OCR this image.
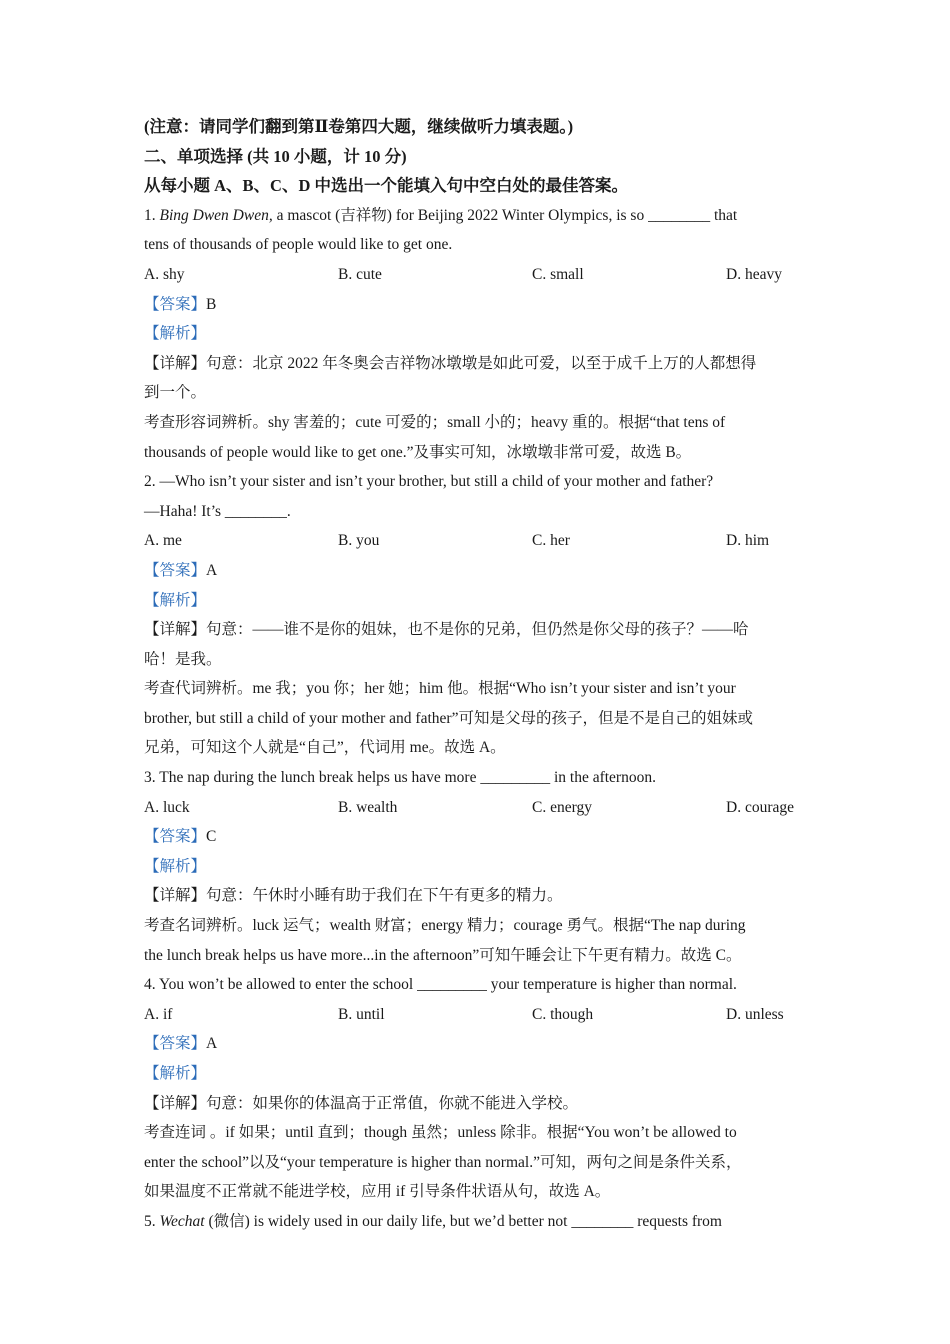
(注意：请同学们翻到第Ⅱ卷第四大题，继续做听力填表题。)
二、单项选择 (共 10 小题，计 10 分)
从每小题 A、B、C、D 中选出一个能填入句中空白处的最佳答案。
1. Bing Dwen Dwen, a mascot (吉祥物) for Beijing 2022 Winter Olympics, is so ________ that
tens of thousands of people would like to get one.
A. shy	B. cute	C. small	D. heavy
【答案】B
【解析】
【详解】句意：北京 2022 年冬奥会吉祥物冰墩墩是如此可爱，以至于成千上万的人都想得
到一个。
考查形容词辨析。shy 害羞的；cute 可爱的；small 小的；heavy 重的。根据“that tens of
thousands of people would like to get one.”及事实可知，冰墩墩非常可爱，故选 B。
2. —Who isn’t your sister and isn’t your brother, but still a child of your mother and father?
—Haha! It’s ________.
A. me	B. you	C. her	D. him
【答案】A
【解析】
【详解】句意：——谁不是你的姐妹，也不是你的兄弟，但仍然是你父母的孩子？——哈
哈！是我。
考查代词辨析。me 我；you 你；her 她；him 他。根据“Who isn’t your sister and isn’t your
brother, but still a child of your mother and father”可知是父母的孩子，但是不是自己的姐妹或
兄弟，可知这个人就是“自己”，代词用 me。故选 A。
3. The nap during the lunch break helps us have more _________ in the afternoon.
A. luck	B. wealth	C. energy	D. courage
【答案】C
【解析】
【详解】句意：午休时小睡有助于我们在下午有更多的精力。
考查名词辨析。luck 运气；wealth 财富；energy 精力；courage 勇气。根据“The nap during
the lunch break helps us have more...in the afternoon”可知午睡会让下午更有精力。故选 C。
4. You won’t be allowed to enter the school _________ your temperature is higher than normal.
A. if	B. until	C. though	D. unless
【答案】A
【解析】
【详解】句意：如果你的体温高于正常值，你就不能进入学校。
考查连词 。if 如果；until 直到；though 虽然；unless 除非。根据“You won’t be allowed to
enter the school”以及“your temperature is higher than normal.”可知，两句之间是条件关系，
如果温度不正常就不能进学校，应用 if 引导条件状语从句，故选 A。
5. Wechat (微信) is widely used in our daily life, but we’d better not ________ requests from
